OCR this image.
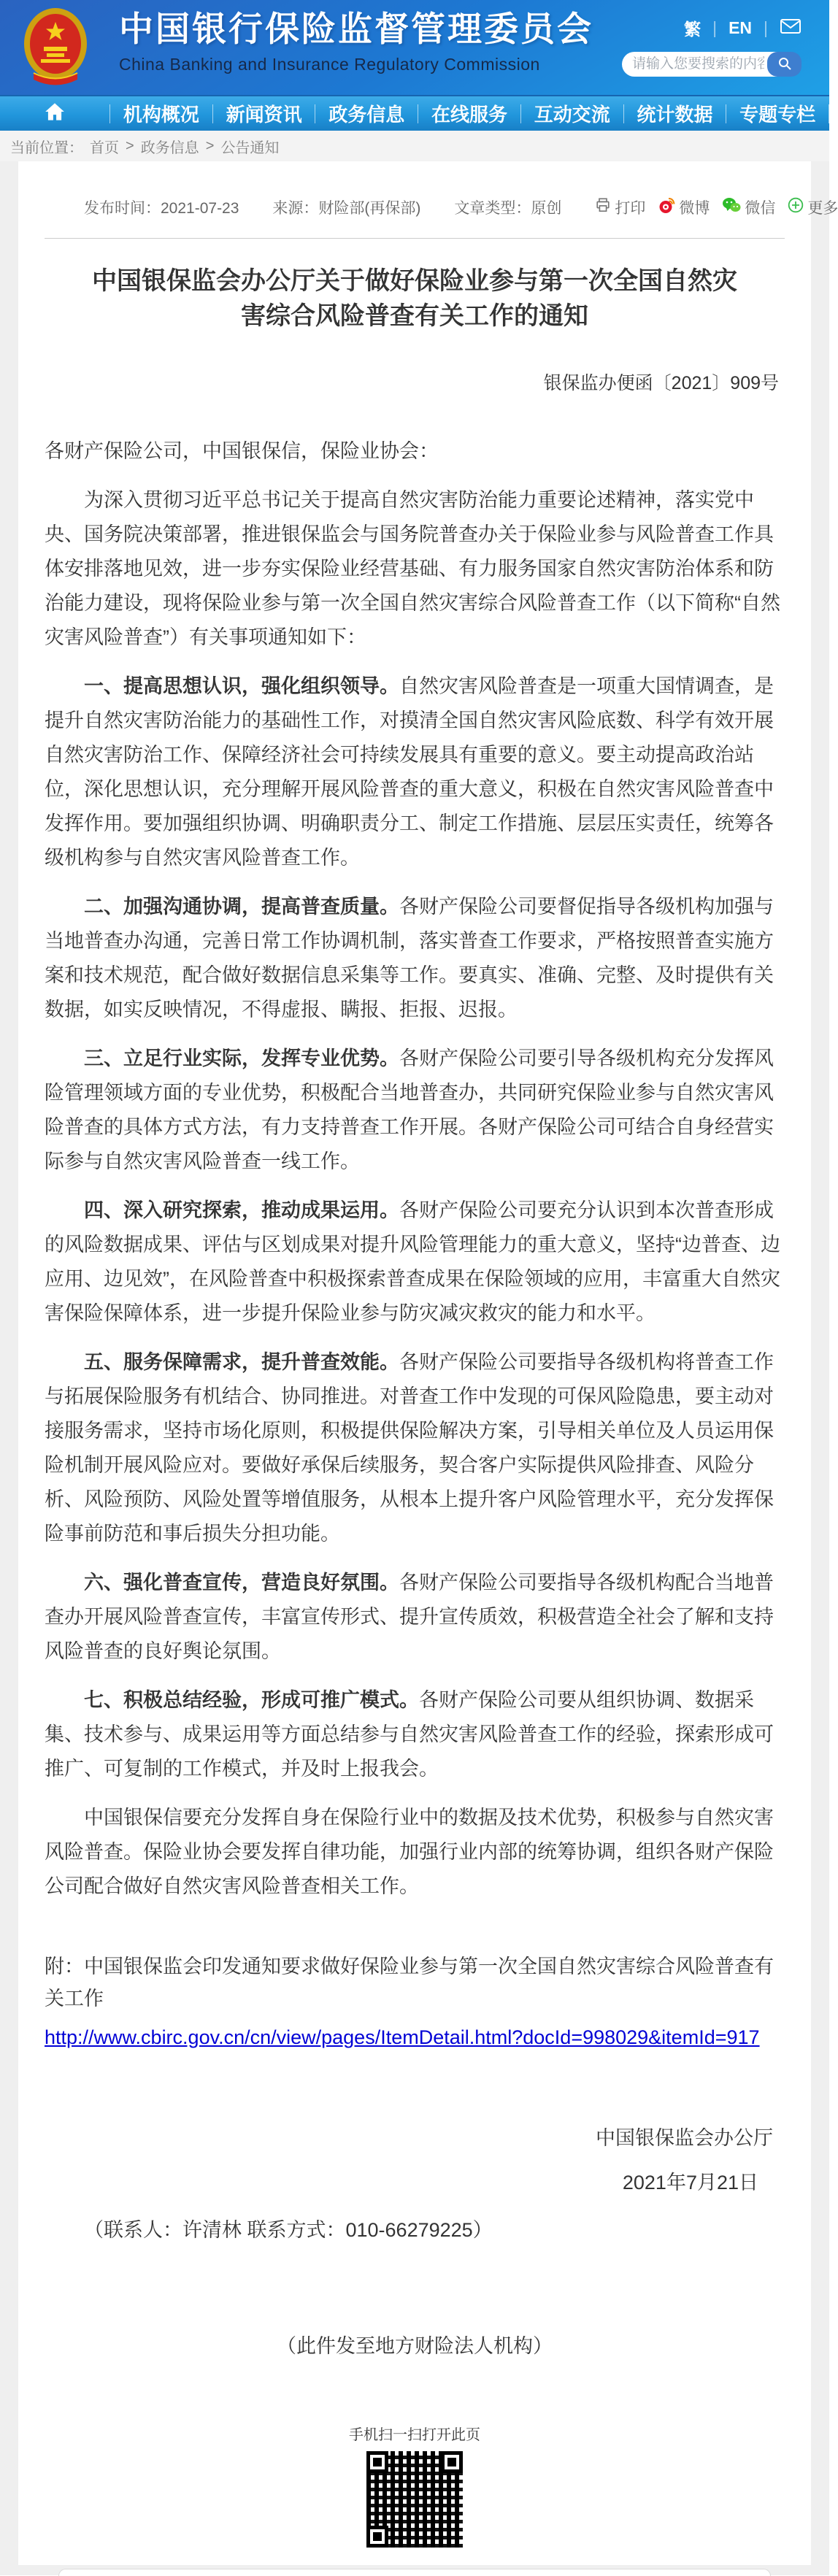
中国银行保险监督管理委员会
China Banking and Insurance Regulatory Commission
繁 | EN |
请输入您要搜索的内容...
机构概况	新闻资讯	政务信息	在线服务	互动交流	统计数据	专题专栏
当前位置： 首页 > 政务信息 > 公告通知
发布时间：2021-07-23 来源：财险部(再保部) 文章类型：原创	打印 微博 微信 更多
中国银保监会办公厅关于做好保险业参与第一次全国自然灾害综合风险普查有关工作的通知
银保监办便函〔2021〕909号

各财产保险公司，中国银保信，保险业协会：

为深入贯彻习近平总书记关于提高自然灾害防治能力重要论述精神，落实党中央、国务院决策部署，推进银保监会与国务院普查办关于保险业参与风险普查工作具体安排落地见效，进一步夯实保险业经营基础、有力服务国家自然灾害防治体系和防治能力建设，现将保险业参与第一次全国自然灾害综合风险普查工作（以下简称“自然灾害风险普查”）有关事项通知如下：

一、提高思想认识，强化组织领导。自然灾害风险普查是一项重大国情调查，是提升自然灾害防治能力的基础性工作，对摸清全国自然灾害风险底数、科学有效开展自然灾害防治工作、保障经济社会可持续发展具有重要的意义。要主动提高政治站位，深化思想认识，充分理解开展风险普查的重大意义，积极在自然灾害风险普查中发挥作用。要加强组织协调、明确职责分工、制定工作措施、层层压实责任，统筹各级机构参与自然灾害风险普查工作。

二、加强沟通协调，提高普查质量。各财产保险公司要督促指导各级机构加强与当地普查办沟通，完善日常工作协调机制，落实普查工作要求，严格按照普查实施方案和技术规范，配合做好数据信息采集等工作。要真实、准确、完整、及时提供有关数据，如实反映情况，不得虚报、瞒报、拒报、迟报。

三、立足行业实际，发挥专业优势。各财产保险公司要引导各级机构充分发挥风险管理领域方面的专业优势，积极配合当地普查办，共同研究保险业参与自然灾害风险普查的具体方式方法，有力支持普查工作开展。各财产保险公司可结合自身经营实际参与自然灾害风险普查一线工作。

四、深入研究探索，推动成果运用。各财产保险公司要充分认识到本次普查形成的风险数据成果、评估与区划成果对提升风险管理能力的重大意义，坚持“边普查、边应用、边见效”，在风险普查中积极探索普查成果在保险领域的应用，丰富重大自然灾害保险保障体系，进一步提升保险业参与防灾减灾救灾的能力和水平。

五、服务保障需求，提升普查效能。各财产保险公司要指导各级机构将普查工作与拓展保险服务有机结合、协同推进。对普查工作中发现的可保风险隐患，要主动对接服务需求，坚持市场化原则，积极提供保险解决方案，引导相关单位及人员运用保险机制开展风险应对。要做好承保后续服务，契合客户实际提供风险排查、风险分析、风险预防、风险处置等增值服务，从根本上提升客户风险管理水平，充分发挥保险事前防范和事后损失分担功能。

六、强化普查宣传，营造良好氛围。各财产保险公司要指导各级机构配合当地普查办开展风险普查宣传，丰富宣传形式、提升宣传质效，积极营造全社会了解和支持风险普查的良好舆论氛围。

七、积极总结经验，形成可推广模式。各财产保险公司要从组织协调、数据采集、技术参与、成果运用等方面总结参与自然灾害风险普查工作的经验，探索形成可推广、可复制的工作模式，并及时上报我会。

中国银保信要充分发挥自身在保险行业中的数据及技术优势，积极参与自然灾害风险普查。保险业协会要发挥自律功能，加强行业内部的统筹协调，组织各财产保险公司配合做好自然灾害风险普查相关工作。

附：中国银保监会印发通知要求做好保险业参与第一次全国自然灾害综合风险普查有关工作
http://www.cbirc.gov.cn/cn/view/pages/ItemDetail.html?docId=998029&itemId=917
中国银保监会办公厅
2021年7月21日
（联系人：许清林 联系方式：010-66279225）
（此件发至地方财险法人机构）
手机扫一扫打开此页
